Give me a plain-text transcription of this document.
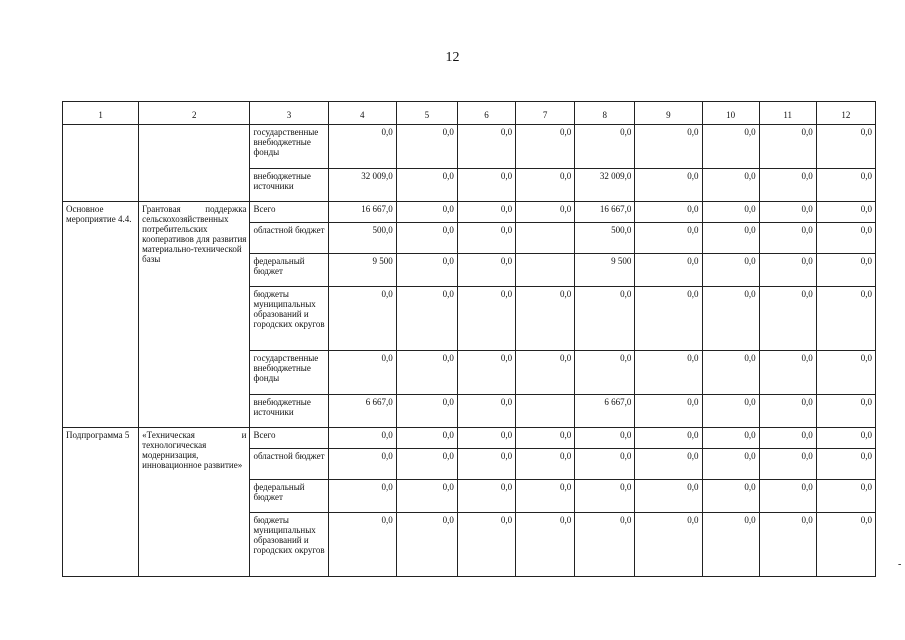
12
1	2	3	4	5	6	7	8	9	10	11	12
		государственные внебюджетные фонды	0,0	0,0	0,0	0,0	0,0	0,0	0,0	0,0	0,0
		внебюджетные источники	32 009,0	0,0	0,0	0,0	32 009,0	0,0	0,0	0,0	0,0
Основное мероприятие 4.4.	Грантовая поддержка сельскохозяйственных потребительских кооперативов для развития материально-технической базы	Всего	16 667,0	0,0	0,0	0,0	16 667,0	0,0	0,0	0,0	0,0
		областной бюджет	500,0	0,0	0,0		500,0	0,0	0,0	0,0	0,0
		федеральный бюджет	9 500	0,0	0,0		9 500	0,0	0,0	0,0	0,0
		бюджеты муниципальных образований и городских округов	0,0	0,0	0,0	0,0	0,0	0,0	0,0	0,0	0,0
		государственные внебюджетные фонды	0,0	0,0	0,0	0,0	0,0	0,0	0,0	0,0	0,0
		внебюджетные источники	6 667,0	0,0	0,0		6 667,0	0,0	0,0	0,0	0,0
Подпрограмма 5	«Техническая и технологическая модернизация, инновационное развитие»	Всего	0,0	0,0	0,0	0,0	0,0	0,0	0,0	0,0	0,0
		областной бюджет	0,0	0,0	0,0	0,0	0,0	0,0	0,0	0,0	0,0
		федеральный бюджет	0,0	0,0	0,0	0,0	0,0	0,0	0,0	0,0	0,0
		бюджеты муниципальных образований и городских округов	0,0	0,0	0,0	0,0	0,0	0,0	0,0	0,0	0,0
-
